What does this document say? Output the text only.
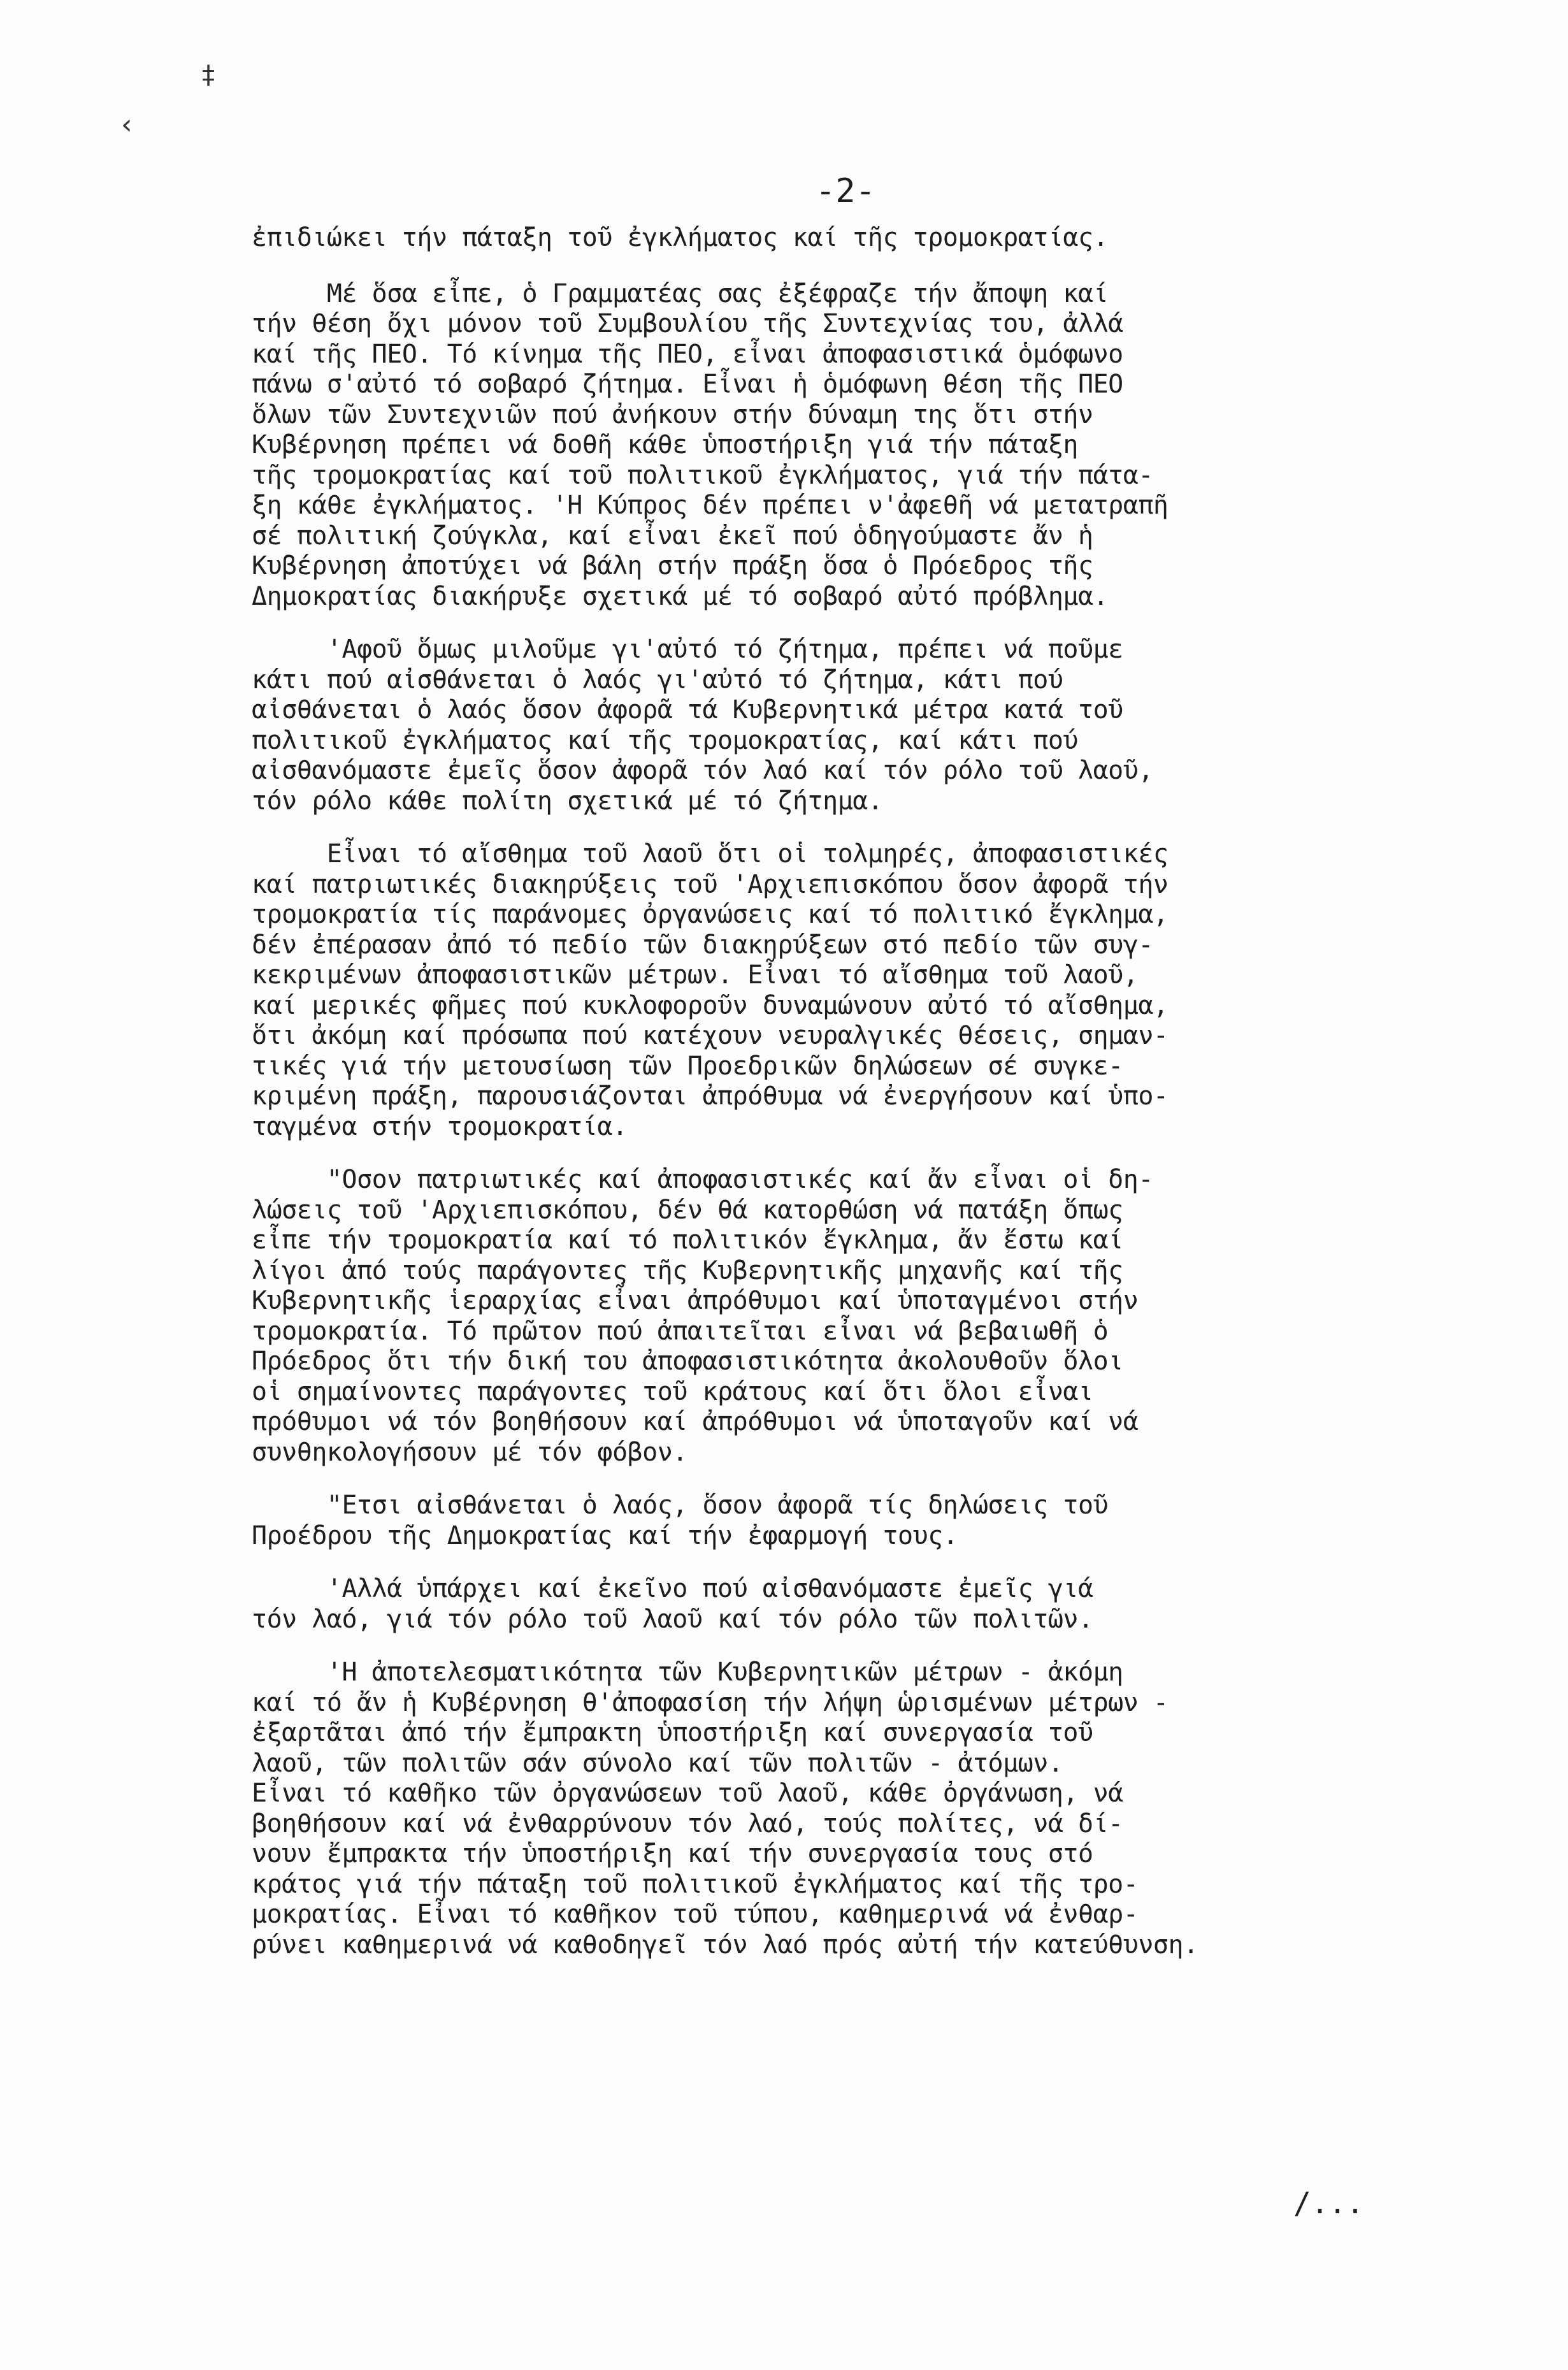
‡
‹
-2-
ἐπιδιώκει τήν πάταξη τοῦ ἐγκλήματος καί τῆς τρομοκρατίας.
Μέ ὅσα εἶπε, ὁ Γραμματέας σας ἐξέφραζε τήν ἄποψη καί
τήν θέση ὄχι μόνον τοῦ Συμβουλίου τῆς Συντεχνίας του, ἀλλά
καί τῆς ΠΕΟ. Τό κίνημα τῆς ΠΕΟ, εἶναι ἀποφασιστικά ὁμόφωνο
πάνω σ'αὐτό τό σοβαρό ζήτημα. Εἶναι ἡ ὁμόφωνη θέση τῆς ΠΕΟ
ὅλων τῶν Συντεχνιῶν πού ἀνήκουν στήν δύναμη της ὅτι στήν
Κυβέρνηση πρέπει νά δοθῆ κάθε ὑποστήριξη γιά τήν πάταξη
τῆς τρομοκρατίας καί τοῦ πολιτικοῦ ἐγκλήματος, γιά τήν πάτα-
ξη κάθε ἐγκλήματος. 'Η Κύπρος δέν πρέπει ν'ἀφεθῆ νά μετατραπῆ
σέ πολιτική ζούγκλα, καί εἶναι ἐκεῖ πού ὁδηγούμαστε ἄν ἡ
Κυβέρνηση ἀποτύχει νά βάλη στήν πράξη ὅσα ὁ Πρόεδρος τῆς
Δημοκρατίας διακήρυξε σχετικά μέ τό σοβαρό αὐτό πρόβλημα.
'Αφοῦ ὅμως μιλοῦμε γι'αὐτό τό ζήτημα, πρέπει νά ποῦμε
κάτι πού αἰσθάνεται ὁ λαός γι'αὐτό τό ζήτημα, κάτι πού
αἰσθάνεται ὁ λαός ὅσον ἀφορᾶ τά Κυβερνητικά μέτρα κατά τοῦ
πολιτικοῦ ἐγκλήματος καί τῆς τρομοκρατίας, καί κάτι πού
αἰσθανόμαστε ἐμεῖς ὅσον ἀφορᾶ τόν λαό καί τόν ρόλο τοῦ λαοῦ,
τόν ρόλο κάθε πολίτη σχετικά μέ τό ζήτημα.
Εἶναι τό αἴσθημα τοῦ λαοῦ ὅτι οἱ τολμηρές, ἀποφασιστικές
καί πατριωτικές διακηρύξεις τοῦ 'Αρχιεπισκόπου ὅσον ἀφορᾶ τήν
τρομοκρατία τίς παράνομες ὀργανώσεις καί τό πολιτικό ἔγκλημα,
δέν ἐπέρασαν ἀπό τό πεδίο τῶν διακηρύξεων στό πεδίο τῶν συγ-
κεκριμένων ἀποφασιστικῶν μέτρων. Εἶναι τό αἴσθημα τοῦ λαοῦ,
καί μερικές φῆμες πού κυκλοφοροῦν δυναμώνουν αὐτό τό αἴσθημα,
ὅτι ἀκόμη καί πρόσωπα πού κατέχουν νευραλγικές θέσεις, σημαν-
τικές γιά τήν μετουσίωση τῶν Προεδρικῶν δηλώσεων σέ συγκε-
κριμένη πράξη, παρουσιάζονται ἀπρόθυμα νά ἐνεργήσουν καί ὑπο-
ταγμένα στήν τρομοκρατία.
"Οσον πατριωτικές καί ἀποφασιστικές καί ἄν εἶναι οἱ δη-
λώσεις τοῦ 'Αρχιεπισκόπου, δέν θά κατορθώση νά πατάξη ὅπως
εἶπε τήν τρομοκρατία καί τό πολιτικόν ἔγκλημα, ἄν ἔστω καί
λίγοι ἀπό τούς παράγοντες τῆς Κυβερνητικῆς μηχανῆς καί τῆς
Κυβερνητικῆς ἱεραρχίας εἶναι ἀπρόθυμοι καί ὑποταγμένοι στήν
τρομοκρατία. Τό πρῶτον πού ἀπαιτεῖται εἶναι νά βεβαιωθῆ ὁ
Πρόεδρος ὅτι τήν δική του ἀποφασιστικότητα ἀκολουθοῦν ὅλοι
οἱ σημαίνοντες παράγοντες τοῦ κράτους καί ὅτι ὅλοι εἶναι
πρόθυμοι νά τόν βοηθήσουν καί ἀπρόθυμοι νά ὑποταγοῦν καί νά
συνθηκολογήσουν μέ τόν φόβον.
"Ετσι αἰσθάνεται ὁ λαός, ὅσον ἀφορᾶ τίς δηλώσεις τοῦ
Προέδρου τῆς Δημοκρατίας καί τήν ἐφαρμογή τους.
'Αλλά ὑπάρχει καί ἐκεῖνο πού αἰσθανόμαστε ἐμεῖς γιά
τόν λαό, γιά τόν ρόλο τοῦ λαοῦ καί τόν ρόλο τῶν πολιτῶν.
'Η ἀποτελεσματικότητα τῶν Κυβερνητικῶν μέτρων - ἀκόμη
καί τό ἄν ἡ Κυβέρνηση θ'ἀποφασίση τήν λήψη ὡρισμένων μέτρων -
ἐξαρτᾶται ἀπό τήν ἔμπρακτη ὑποστήριξη καί συνεργασία τοῦ
λαοῦ, τῶν πολιτῶν σάν σύνολο καί τῶν πολιτῶν - ἀτόμων.
Εἶναι τό καθῆκο τῶν ὀργανώσεων τοῦ λαοῦ, κάθε ὀργάνωση, νά
βοηθήσουν καί νά ἐνθαρρύνουν τόν λαό, τούς πολίτες, νά δί-
νουν ἔμπρακτα τήν ὑποστήριξη καί τήν συνεργασία τους στό
κράτος γιά τήν πάταξη τοῦ πολιτικοῦ ἐγκλήματος καί τῆς τρο-
μοκρατίας. Εἶναι τό καθῆκον τοῦ τύπου, καθημερινά νά ἐνθαρ-
ρύνει καθημερινά νά καθοδηγεῖ τόν λαό πρός αὐτή τήν κατεύθυνση.
/...
